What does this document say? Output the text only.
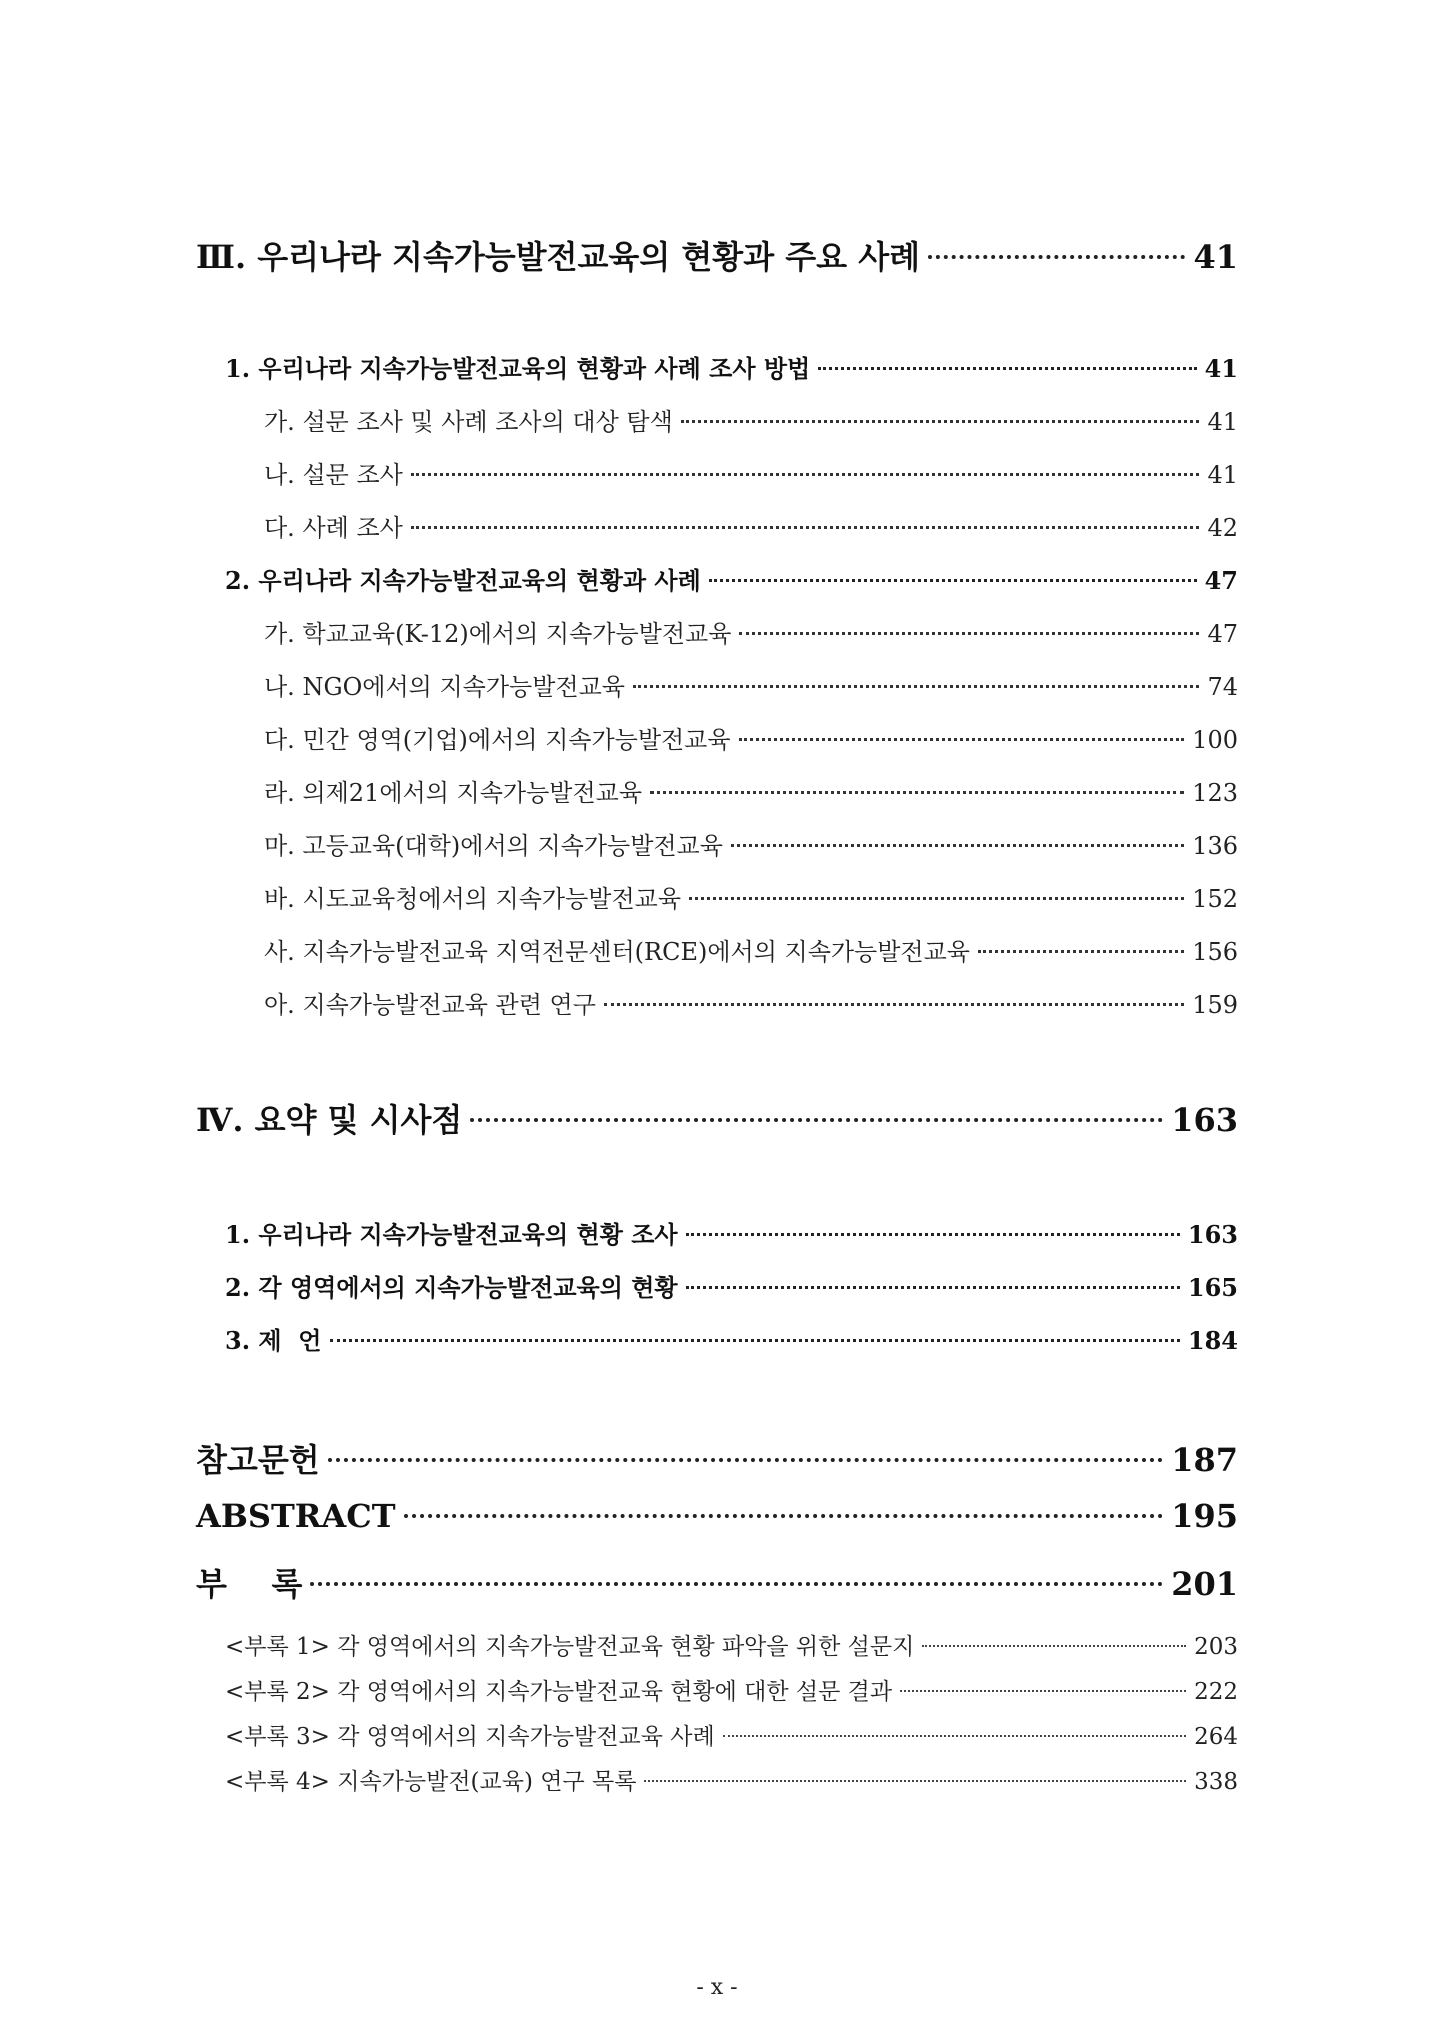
Ⅲ. 우리나라 지속가능발전교육의 현황과 주요 사례	41
1. 우리나라 지속가능발전교육의 현황과 사례 조사 방법	41
가. 설문 조사 및 사례 조사의 대상 탐색	41
나. 설문 조사	41
다. 사례 조사	42
2. 우리나라 지속가능발전교육의 현황과 사례	47
가. 학교교육(K-12)에서의 지속가능발전교육	47
나. NGO에서의 지속가능발전교육	74
다. 민간 영역(기업)에서의 지속가능발전교육	100
라. 의제21에서의 지속가능발전교육	123
마. 고등교육(대학)에서의 지속가능발전교육	136
바. 시도교육청에서의 지속가능발전교육	152
사. 지속가능발전교육 지역전문센터(RCE)에서의 지속가능발전교육	156
아. 지속가능발전교육 관련 연구	159
Ⅳ. 요약 및 시사점	163
1. 우리나라 지속가능발전교육의 현황 조사	163
2. 각 영역에서의 지속가능발전교육의 현황	165
3. 제  언	184
참고문헌	187
ABSTRACT	195
부    록	201
<부록 1> 각 영역에서의 지속가능발전교육 현황 파악을 위한 설문지	203
<부록 2> 각 영역에서의 지속가능발전교육 현황에 대한 설문 결과	222
<부록 3> 각 영역에서의 지속가능발전교육 사례	264
<부록 4> 지속가능발전(교육) 연구 목록	338
- x -
